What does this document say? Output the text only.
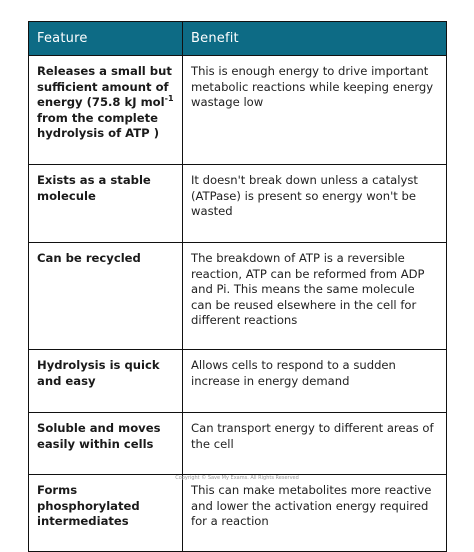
Feature	Benefit
Releases a small but sufficient amount of energy (75.8 kJ mol$^{-1}$ from the complete hydrolysis of ATP )	This is enough energy to drive important metabolic reactions while keeping energy wastage low
Exists as a stable molecule	It doesn't break down unless a catalyst (ATPase) is present so energy won't be wasted
Can be recycled	The breakdown of ATP is a reversible reaction, ATP can be reformed from ADP and Pi. This means the same molecule can be reused elsewhere in the cell for different reactions
Hydrolysis is quick and easy	Allows cells to respond to a sudden increase in energy demand
Soluble and moves easily within cells	Can transport energy to different areas of the cell
Forms phosphorylated intermediates	This can make metabolites more reactive and lower the activation energy required for a reaction
Copyright © Save My Exams. All Rights Reserved
